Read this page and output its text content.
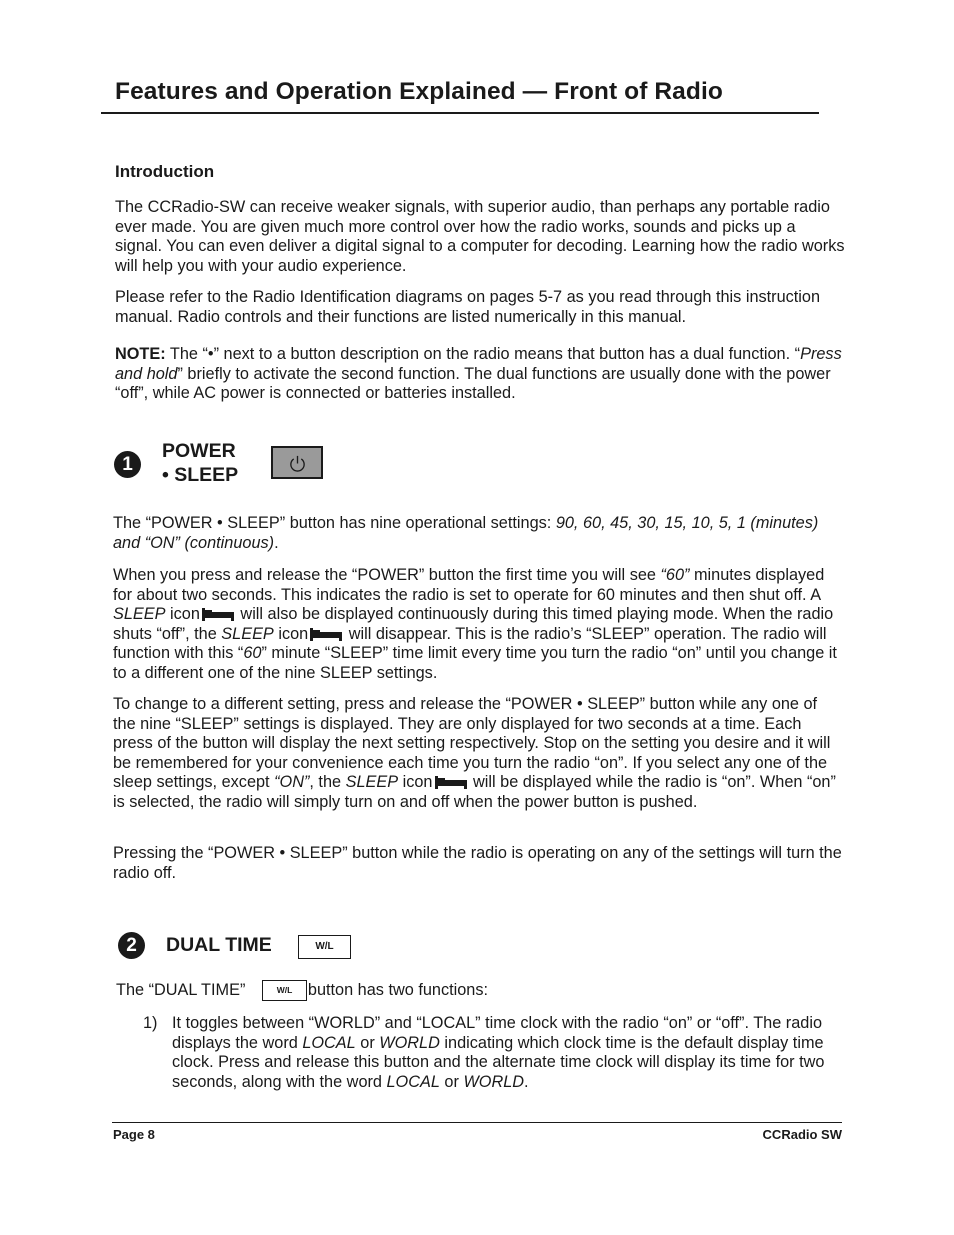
Features and Operation Explained — Front of Radio
Introduction

The CCRadio-SW can receive weaker signals, with superior audio, than perhaps any portable radio ever made. You are given much more control over how the radio works, sounds and picks up a signal. You can even deliver a digital signal to a computer for decoding. Learning how the radio works will help you with your audio experience.

Please refer to the Radio Identification diagrams on pages 5-7 as you read through this instruction manual. Radio controls and their functions are listed numerically in this manual.

NOTE: The “•” next to a button description on the radio means that button has a dual function. “Press and hold” briefly to activate the second function. The dual functions are usually done with the power “off”, while AC power is connected or batteries installed.

1
POWER
• SLEEP

The “POWER • SLEEP” button has nine operational settings: 90, 60, 45, 30, 15, 10, 5, 1 (minutes) and “ON” (continuous).

When you press and release the “POWER” button the first time you will see “60” minutes displayed for about two seconds. This indicates the radio is set to operate for 60 minutes and then shut off. A SLEEP icon will also be displayed continuously during this timed playing mode. When the radio shuts “off”, the SLEEP icon will disappear. This is the radio’s “SLEEP” operation. The radio will function with this “60” minute “SLEEP” time limit every time you turn the radio “on” until you change it to a different one of the nine SLEEP settings.

To change to a different setting, press and release the “POWER • SLEEP” button while any one of the nine “SLEEP” settings is displayed. They are only displayed for two seconds at a time. Each press of the button will display the next setting respectively. Stop on the setting you desire and it will be remembered for your convenience each time you turn the radio “on”. If you select any one of the sleep settings, except “ON”, the SLEEP icon will be displayed while the radio is “on”. When “on” is selected, the radio will simply turn on and off when the power button is pushed.

Pressing the “POWER • SLEEP” button while the radio is operating on any of the settings will turn the radio off.

2	DUAL TIME	W/L

The “DUAL TIME”	button has two functions:

W/L

1) It toggles between “WORLD” and “LOCAL” time clock with the radio “on” or “off”. The radio displays the word LOCAL or WORLD indicating which clock time is the default display time clock. Press and release this button and the alternate time clock will display its time for two seconds, along with the word LOCAL or WORLD.

Page 8	CCRadio SW
